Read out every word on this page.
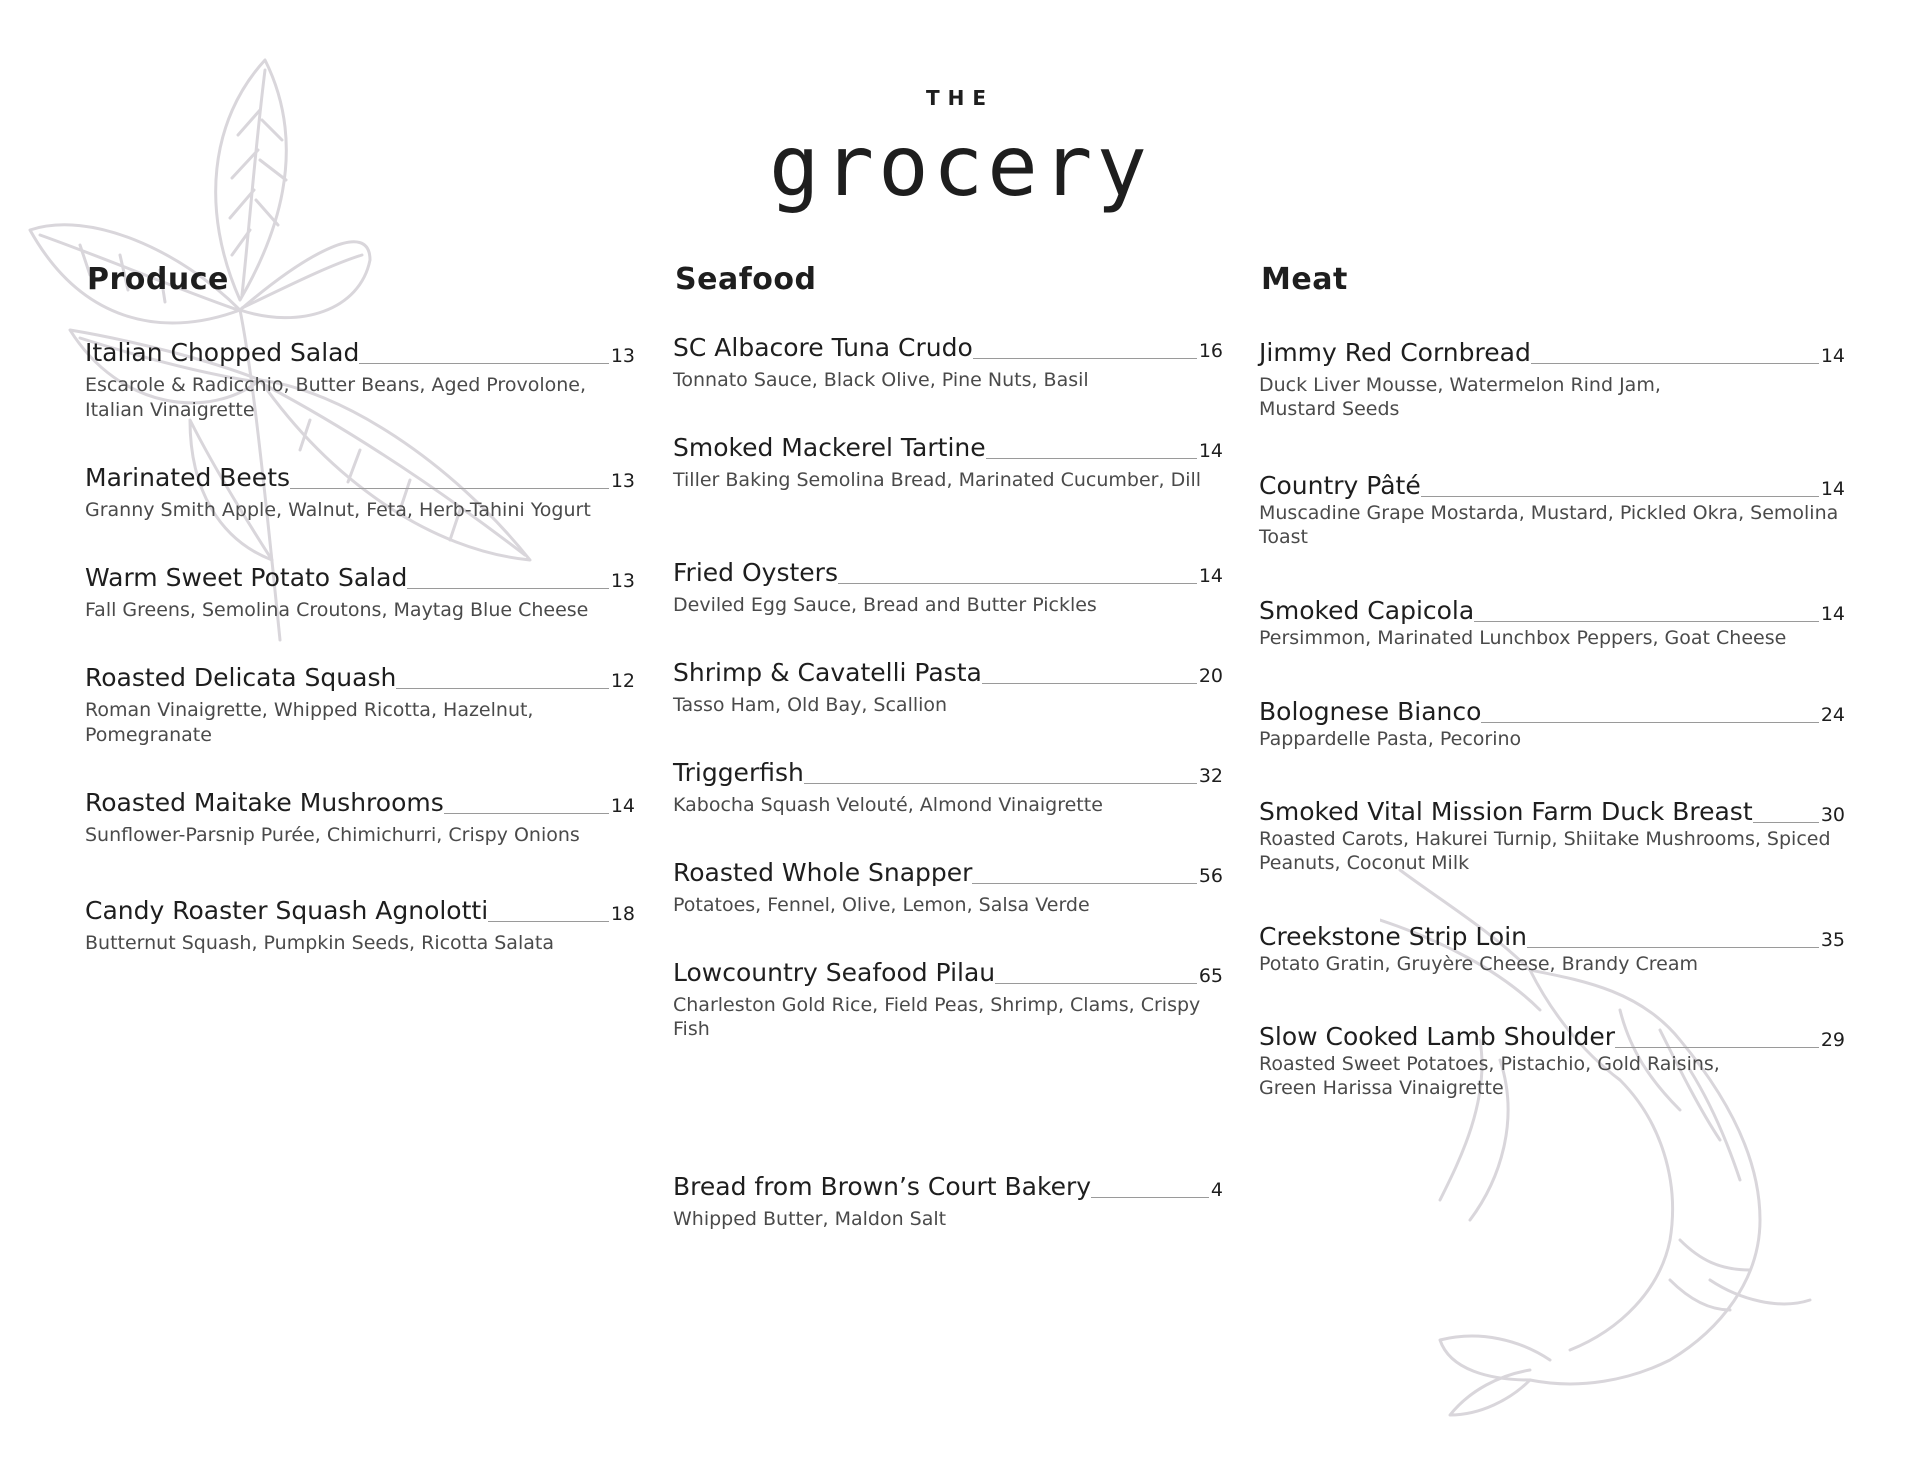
THE
grocery
Produce
Italian Chopped Salad	13
Escarole & Radicchio, Butter Beans, Aged Provolone, Italian Vinaigrette
Marinated Beets	13
Granny Smith Apple, Walnut, Feta, Herb-Tahini Yogurt
Warm Sweet Potato Salad	13
Fall Greens, Semolina Croutons, Maytag Blue Cheese
Roasted Delicata Squash	12
Roman Vinaigrette, Whipped Ricotta, Hazelnut, Pomegranate
Roasted Maitake Mushrooms	14
Sunflower-Parsnip Purée, Chimichurri, Crispy Onions
Candy Roaster Squash Agnolotti	18
Butternut Squash, Pumpkin Seeds, Ricotta Salata
Seafood
SC Albacore Tuna Crudo	16
Tonnato Sauce, Black Olive, Pine Nuts, Basil
Smoked Mackerel Tartine	14
Tiller Baking Semolina Bread, Marinated Cucumber, Dill
Fried Oysters	14
Deviled Egg Sauce, Bread and Butter Pickles
Shrimp & Cavatelli Pasta	20
Tasso Ham, Old Bay, Scallion
Triggerfish	32
Kabocha Squash Velouté, Almond Vinaigrette
Roasted Whole Snapper	56
Potatoes, Fennel, Olive, Lemon, Salsa Verde
Lowcountry Seafood Pilau	65
Charleston Gold Rice, Field Peas, Shrimp, Clams, Crispy Fish
Bread from Brown’s Court Bakery	4
Whipped Butter, Maldon Salt
Meat
Jimmy Red Cornbread	14
Duck Liver Mousse, Watermelon Rind Jam, Mustard Seeds
Country Pâté	14
Muscadine Grape Mostarda, Mustard, Pickled Okra, Semolina Toast
Smoked Capicola	14
Persimmon, Marinated Lunchbox Peppers, Goat Cheese
Bolognese Bianco	24
Pappardelle Pasta, Pecorino
Smoked Vital Mission Farm Duck Breast	30
Roasted Carots, Hakurei Turnip, Shiitake Mushrooms, Spiced Peanuts, Coconut Milk
Creekstone Strip Loin	35
Potato Gratin, Gruyère Cheese, Brandy Cream
Slow Cooked Lamb Shoulder	29
Roasted Sweet Potatoes, Pistachio, Gold Raisins, Green Harissa Vinaigrette
